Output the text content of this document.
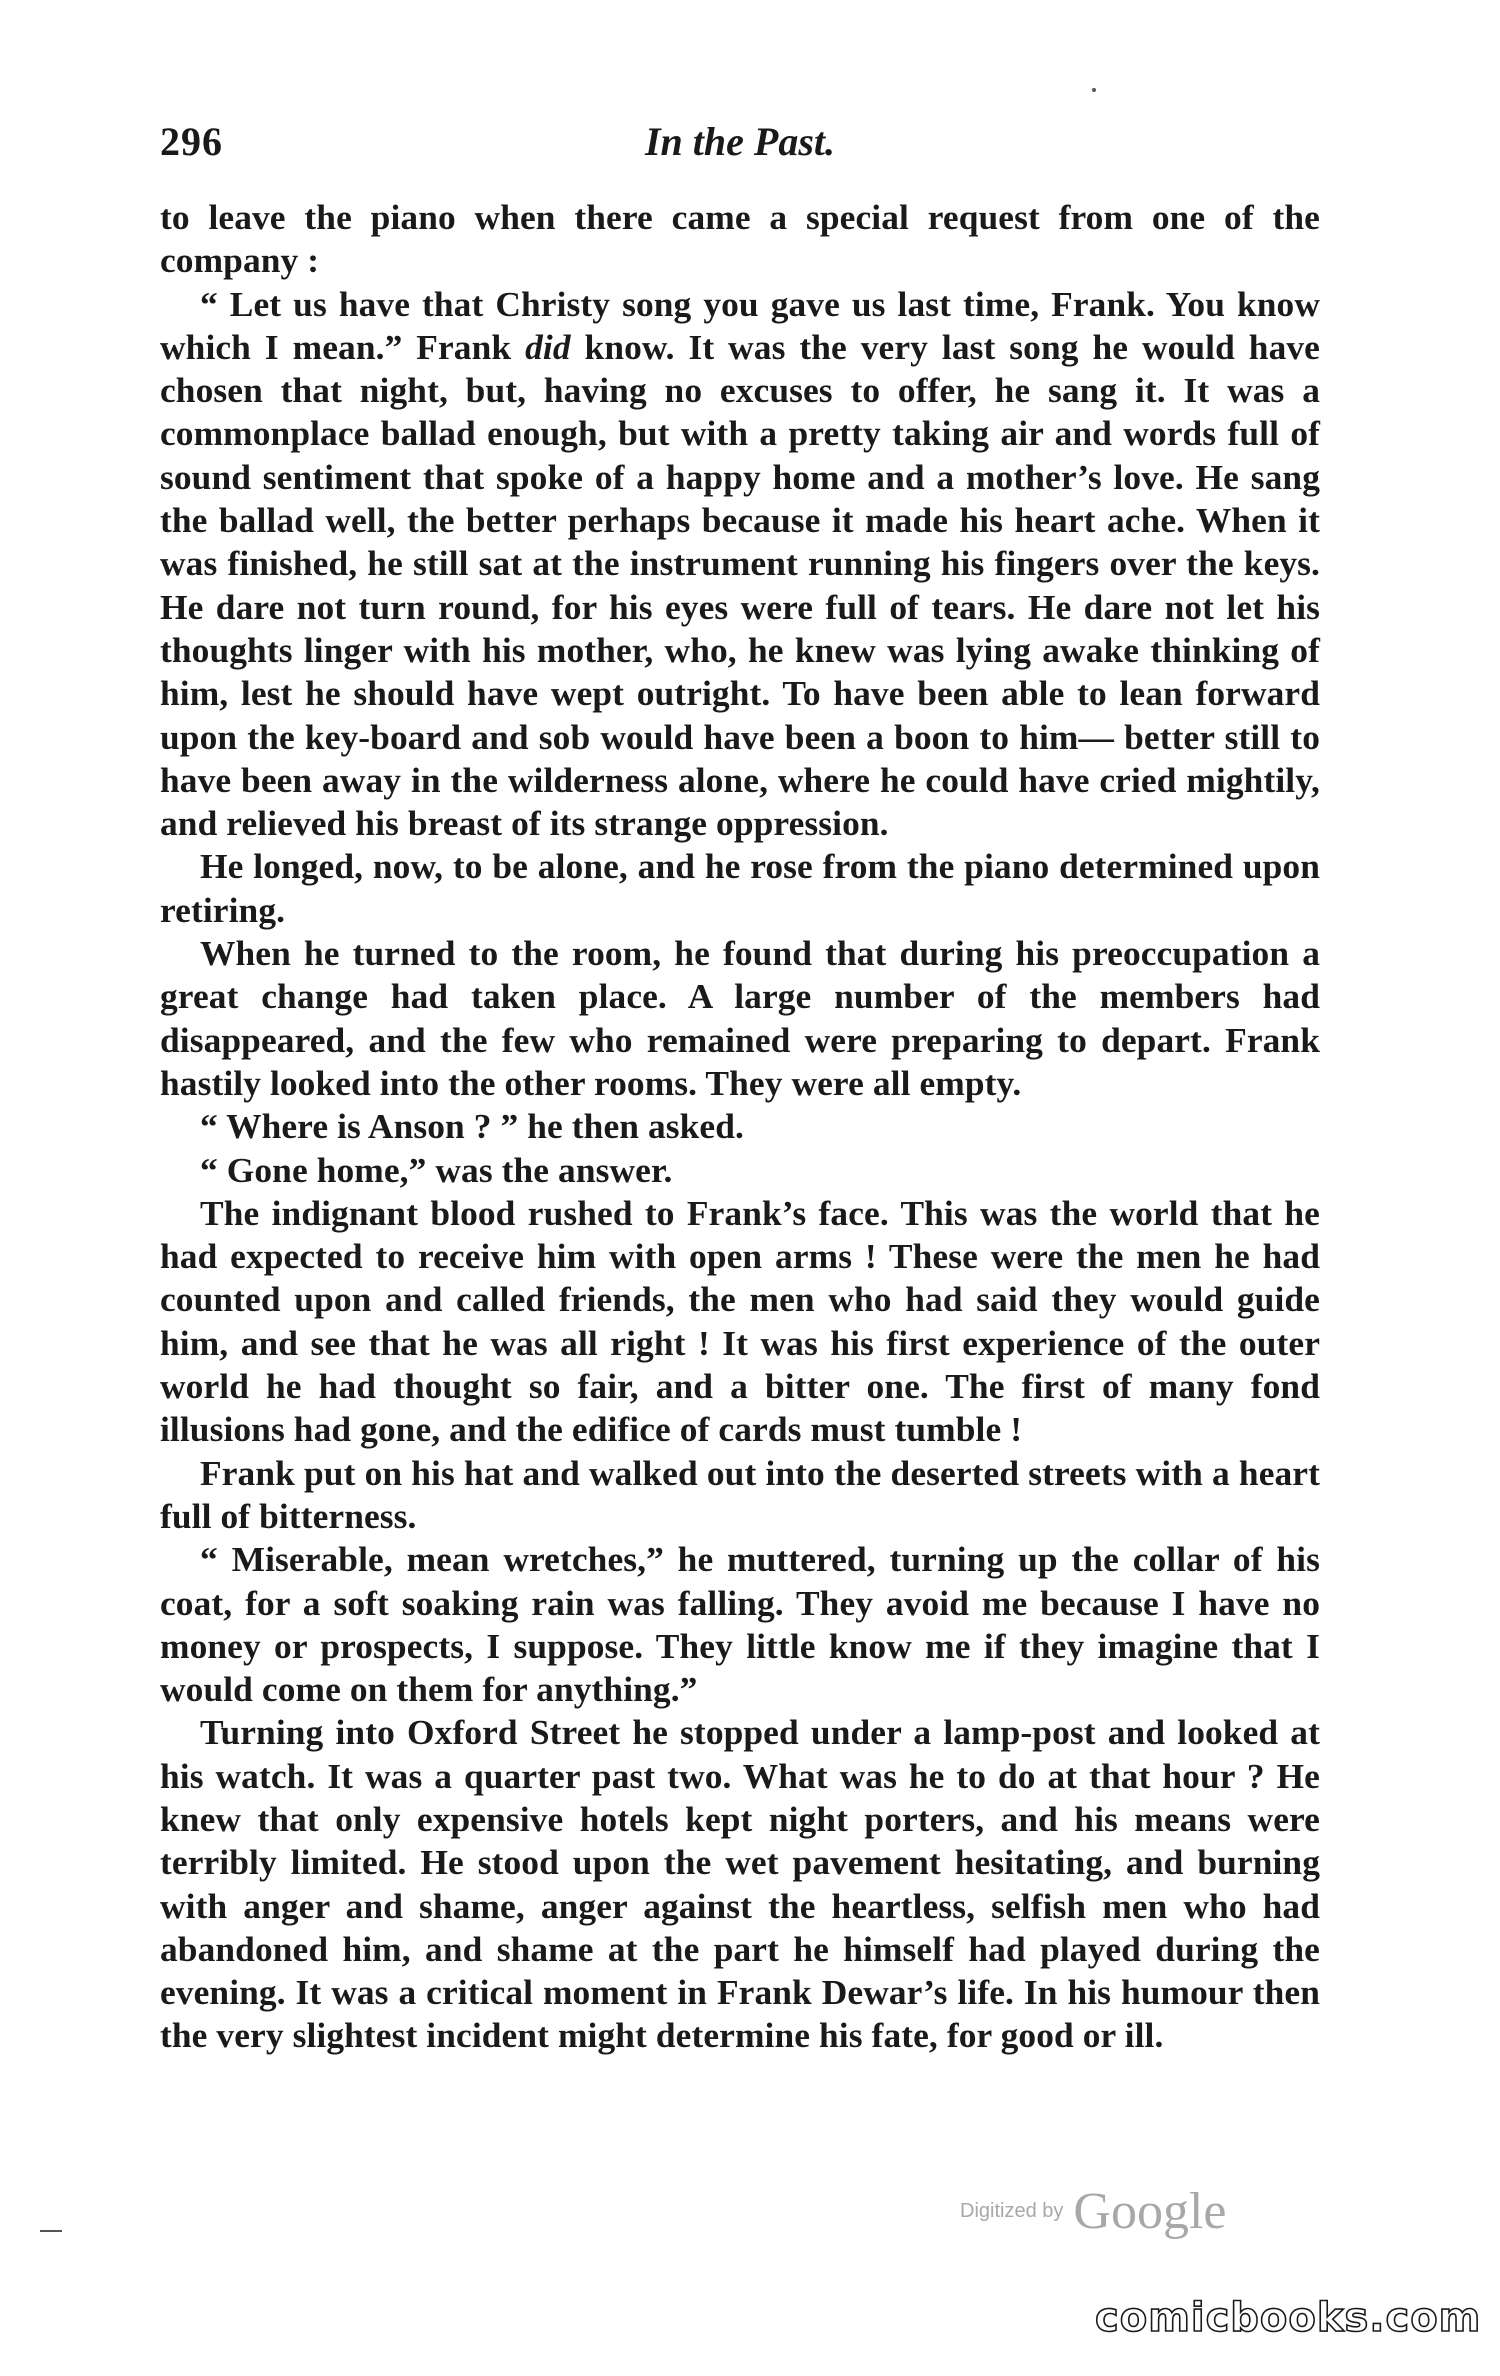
296	In the Past.

to leave the piano when there came a special request from one of the company :

“ Let us have that Christy song you gave us last time, Frank. You know which I mean.” Frank did know. It was the very last song he would have chosen that night, but, having no excuses to offer, he sang it. It was a commonplace ballad enough, but with a pretty taking air and words full of sound sentiment that spoke of a happy home and a mother’s love. He sang the ballad well, the better perhaps because it made his heart ache. When it was finished, he still sat at the instrument running his fingers over the keys. He dare not turn round, for his eyes were full of tears. He dare not let his thoughts linger with his mother, who, he knew was lying awake thinking of him, lest he should have wept outright. To have been able to lean forward upon the key-board and sob would have been a boon to him— better still to have been away in the wilderness alone, where he could have cried mightily, and relieved his breast of its strange oppression.

He longed, now, to be alone, and he rose from the piano determined upon retiring.

When he turned to the room, he found that during his preoccupation a great change had taken place. A large number of the members had disappeared, and the few who remained were preparing to depart. Frank hastily looked into the other rooms. They were all empty.

“ Where is Anson ? ” he then asked.

“ Gone home,” was the answer.

The indignant blood rushed to Frank’s face. This was the world that he had expected to receive him with open arms ! These were the men he had counted upon and called friends, the men who had said they would guide him, and see that he was all right ! It was his first experience of the outer world he had thought so fair, and a bitter one. The first of many fond illusions had gone, and the edifice of cards must tumble !

Frank put on his hat and walked out into the deserted streets with a heart full of bitterness.

“ Miserable, mean wretches,” he muttered, turning up the collar of his coat, for a soft soaking rain was falling. They avoid me because I have no money or prospects, I suppose. They little know me if they imagine that I would come on them for anything.”

Turning into Oxford Street he stopped under a lamp-post and looked at his watch. It was a quarter past two. What was he to do at that hour ? He knew that only expensive hotels kept night porters, and his means were terribly limited. He stood upon the wet pavement hesitating, and burning with anger and shame, anger against the heartless, selfish men who had abandoned him, and shame at the part he himself had played during the evening. It was a critical moment in Frank Dewar’s life. In his humour then the very slightest incident might determine his fate, for good or ill.

Digitized by Google
comicbooks.com
